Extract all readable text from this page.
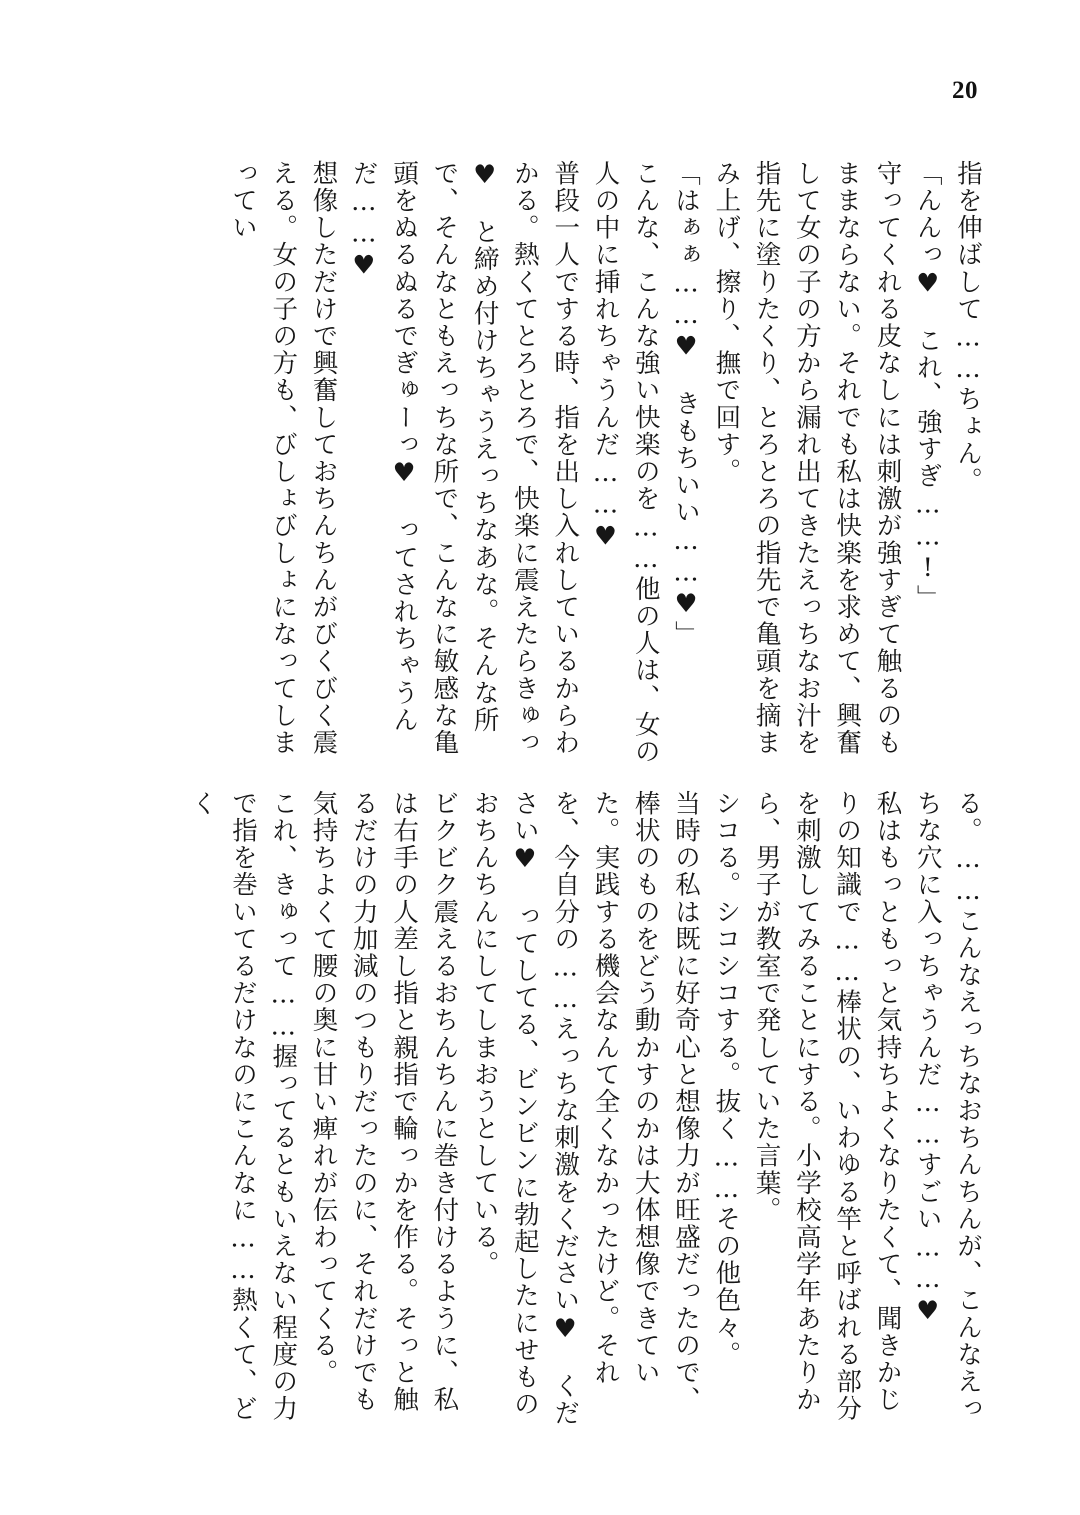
20

指を伸ばして……ちょん。

「んんっ♥　これ、強すぎ……!」

守ってくれる皮なしには刺激が強すぎて触るのもままならない。それでも私は快楽を求めて、興奮して女の子の方から漏れ出てきたえっちなお汁を指先に塗りたくり、とろとろの指先で亀頭を摘まみ上げ、擦り、撫で回す。

「はぁぁ……♥　きもちいい……♥」

こんな、こんな強い快楽のを……他の人は、女の人の中に挿れちゃうんだ……♥

普段一人でする時、指を出し入れしているからわかる。熱くてとろとろで、快楽に震えたらきゅっ♥　と締め付けちゃうえっちなあな。そんな所で、そんなともえっちな所で、こんなに敏感な亀頭をぬるぬるでぎゅーっ♥　ってされちゃうんだ……♥

想像しただけで興奮しておちんちんがびくびく震える。女の子の方も、びしょびしょになってしまってい

る。……こんなえっちなおちんちんが、こんなえっちな穴に入っちゃうんだ……すごい……♥

私はもっともっと気持ちよくなりたくて、聞きかじりの知識で……棒状の、いわゆる竿と呼ばれる部分を刺激してみることにする。小学校高学年あたりから、男子が教室で発していた言葉。

シコる。シコシコする。抜く……その他色々。

当時の私は既に好奇心と想像力が旺盛だったので、棒状のものをどう動かすのかは大体想像できていた。実践する機会なんて全くなかったけど。それを、今自分の……えっちな刺激をください♥　ください♥　ってしてる、ビンビンに勃起したにせものおちんちんにしてしまおうとしている。

ビクビク震えるおちんちんに巻き付けるように、私は右手の人差し指と親指で輪っかを作る。そっと触るだけの力加減のつもりだったのに、それだけでも気持ちよくて腰の奥に甘い痺れが伝わってくる。

これ、きゅって……握ってるともいえない程度の力で指を巻いてるだけなのにこんなに……熱くて、どく
